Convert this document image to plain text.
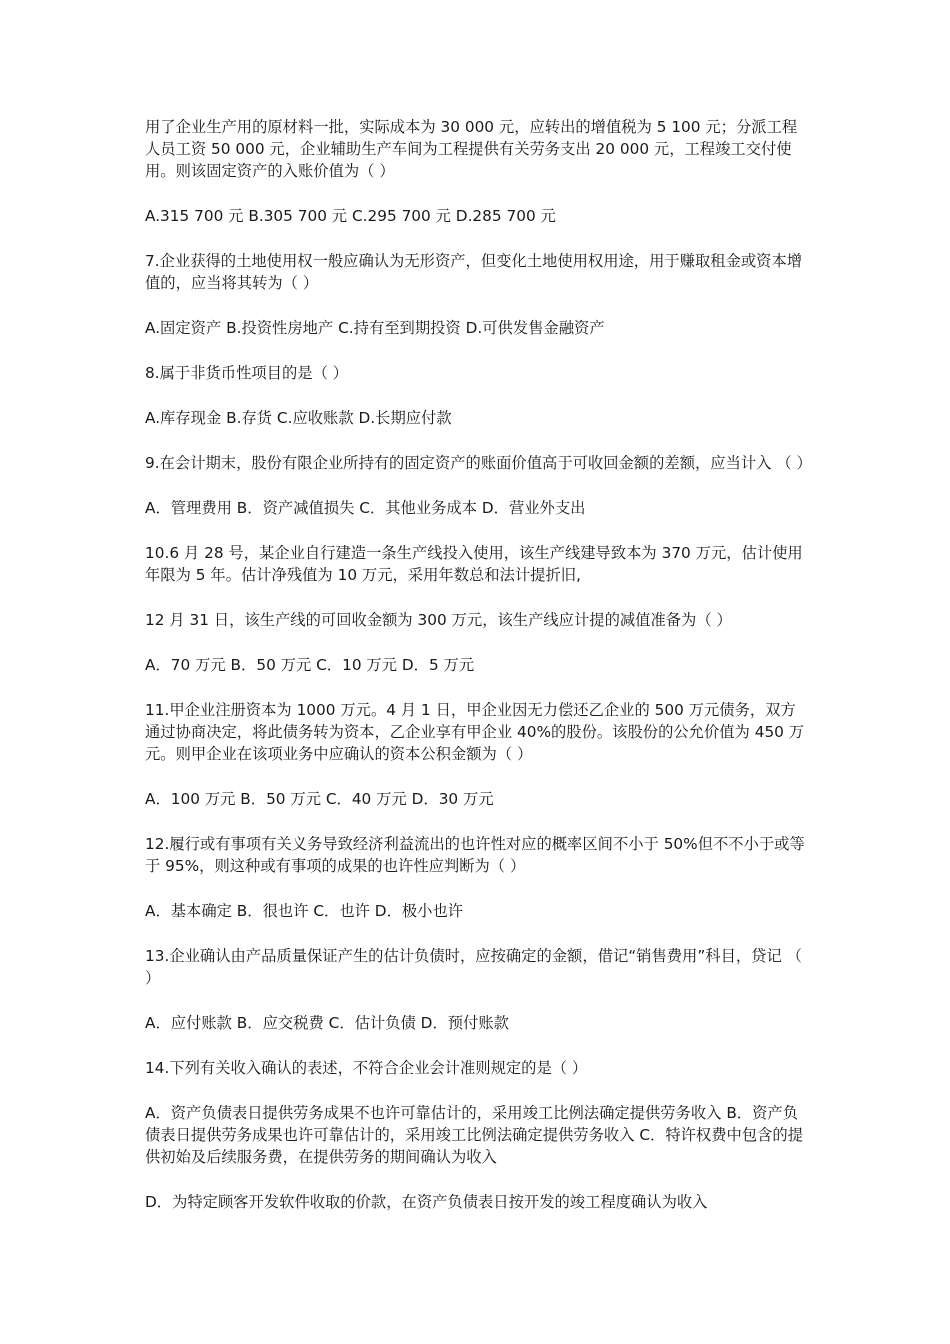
用了企业生产用的原材料一批，实际成本为 30 000 元，应转出的增值税为 5 100 元；分派工程人员工资 50 000 元，企业辅助生产车间为工程提供有关劳务支出 20 000 元，工程竣工交付使用。则该固定资产的入账价值为（ ）

A.315 700 元 B.305 700 元 C.295 700 元 D.285 700 元

7.企业获得的土地使用权一般应确认为无形资产，但变化土地使用权用途，用于赚取租金或资本增值的，应当将其转为（ ）

A.固定资产 B.投资性房地产 C.持有至到期投资 D.可供发售金融资产

8.属于非货币性项目的是（ ）

A.库存现金 B.存货 C.应收账款 D.长期应付款

9.在会计期末，股份有限企业所持有的固定资产的账面价值高于可收回金额的差额，应当计入 （ ）

A．管理费用 B．资产减值损失 C．其他业务成本 D．营业外支出

10.6 月 28 号，某企业自行建造一条生产线投入使用，该生产线建导致本为 370 万元，估计使用年限为 5 年。估计净残值为 10 万元，采用年数总和法计提折旧,

12 月 31 日，该生产线的可回收金额为 300 万元，该生产线应计提的减值准备为（ ）

A．70 万元 B．50 万元 C．10 万元 D．5 万元

11.甲企业注册资本为 1000 万元。4 月 1 日，甲企业因无力偿还乙企业的 500 万元债务，双方通过协商决定，将此债务转为资本，乙企业享有甲企业 40%的股份。该股份的公允价值为 450 万元。则甲企业在该项业务中应确认的资本公积金额为（ ）

A．100 万元 B．50 万元 C．40 万元 D．30 万元

12.履行或有事项有关义务导致经济利益流出的也许性对应的概率区间不小于 50%但不不小于或等于 95%，则这种或有事项的成果的也许性应判断为（ ）

A．基本确定 B．很也许 C．也许 D．极小也许

13.企业确认由产品质量保证产生的估计负债时，应按确定的金额，借记“销售费用”科目，贷记 （ ）

A．应付账款 B．应交税费 C．估计负债 D．预付账款

14.下列有关收入确认的表述，不符合企业会计准则规定的是（ ）

A．资产负债表日提供劳务成果不也许可靠估计的，采用竣工比例法确定提供劳务收入 B．资产负债表日提供劳务成果也许可靠估计的，采用竣工比例法确定提供劳务收入 C．特许权费中包含的提供初始及后续服务费，在提供劳务的期间确认为收入

D．为特定顾客开发软件收取的价款，在资产负债表日按开发的竣工程度确认为收入
